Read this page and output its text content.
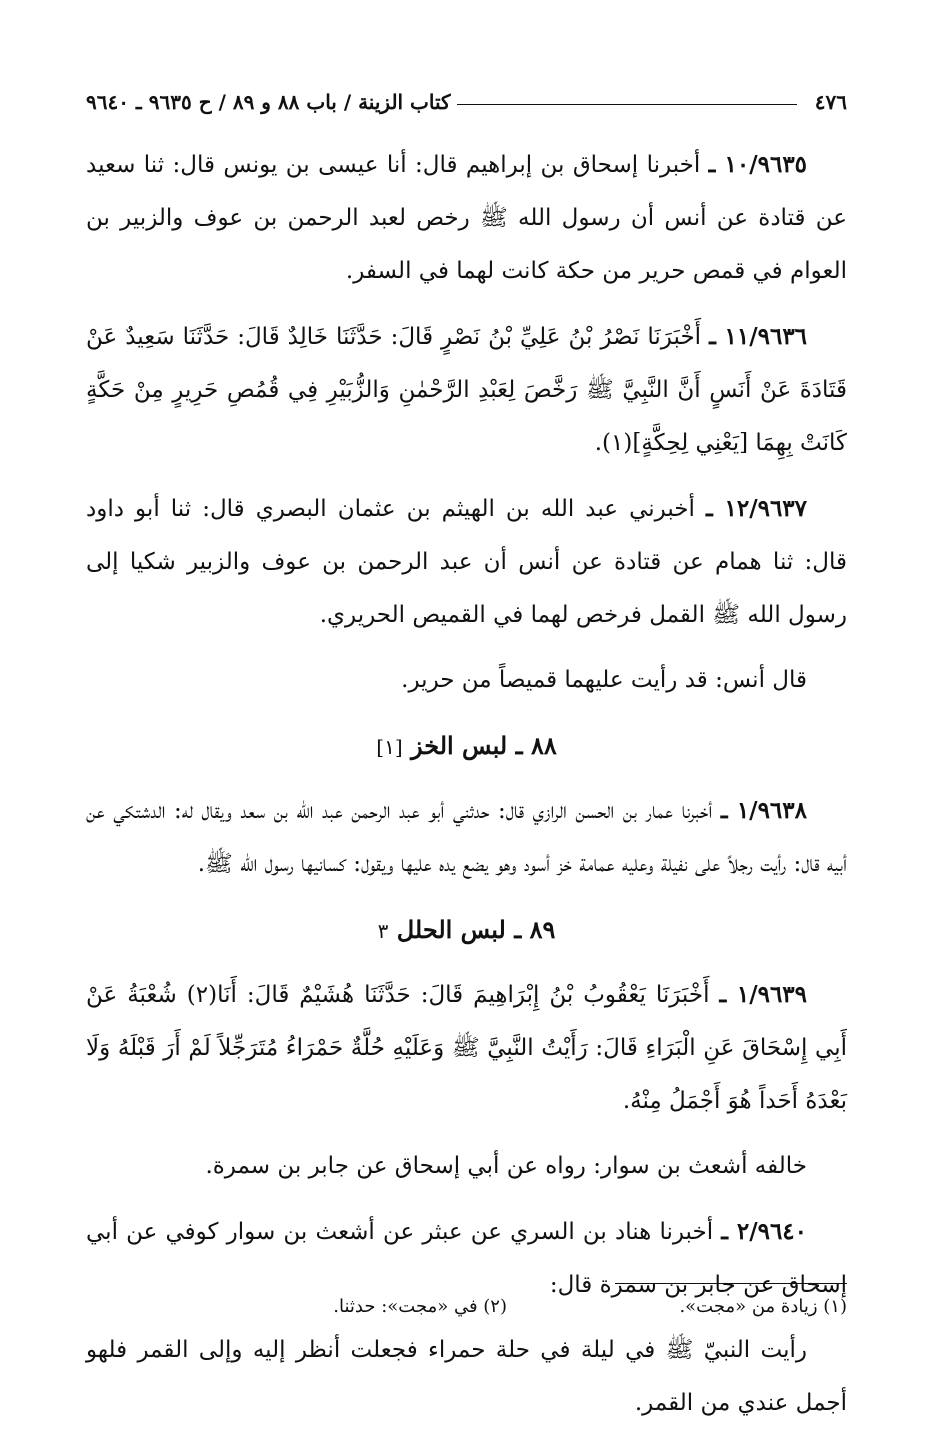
٤٧٦
كتاب الزينة / باب ٨٨ و ٨٩ / ح ٩٦٣٥ ـ ٩٦٤٠

١٠/٩٦٣٥ ـ أخبرنا إسحاق بن إبراهيم قال: أنا عيسى بن يونس قال: ثنا سعيد عن قتادة عن أنس أن رسول الله ﷺ رخص لعبد الرحمن بن عوف والزبير بن العوام في قمص حرير من حكة كانت لهما في السفر.

١١/٩٦٣٦ ـ أَخْبَرَنَا نَصْرُ بْنُ عَلِيِّ بْنُ نَصْرٍ قَالَ: حَدَّثَنَا خَالِدٌ قَالَ: حَدَّثَنَا سَعِيدٌ عَنْ قَتَادَةَ عَنْ أَنَسٍ أَنَّ النَّبِيَّ ﷺ رَخَّصَ لِعَبْدِ الرَّحْمٰنِ وَالزُّبَيْرِ فِي قُمُصِ حَرِيرٍ مِنْ حَكَّةٍ كَانَتْ بِهِمَا [يَعْنِي لِحِكَّةٍ](١).

١٢/٩٦٣٧ ـ أخبرني عبد الله بن الهيثم بن عثمان البصري قال: ثنا أبو داود قال: ثنا همام عن قتادة عن أنس أن عبد الرحمن بن عوف والزبير شكيا إلى رسول الله ﷺ القمل فرخص لهما في القميص الحريري.

قال أنس: قد رأيت عليهما قميصاً من حرير.

٨٨ ـ لبس الخز [١]

١/٩٦٣٨ ـ أخبرنا عمار بن الحسن الرازي قال: حدثني أبو عبد الرحمن عبد الله بن سعد ويقال له: الدشتكي عن أبيه قال: رأيت رجلاً على نفيلة وعليه عمامة خز أسود وهو يضع يده عليها ويقول: كسانيها رسول الله ﷺ.

٨٩ ـ لبس الحلل ٣

١/٩٦٣٩ ـ أَخْبَرَنَا يَعْقُوبُ بْنُ إِبْرَاهِيمَ قَالَ: حَدَّثَنَا هُشَيْمٌ قَالَ: أَنَا(٢) شُعْبَةُ عَنْ أَبِي إِسْحَاقَ عَنِ الْبَرَاءِ قَالَ: رَأَيْتُ النَّبِيَّ ﷺ وَعَلَيْهِ حُلَّةٌ حَمْرَاءُ مُتَرَجِّلاً لَمْ أَرَ قَبْلَهُ وَلَا بَعْدَهُ أَحَداً هُوَ أَجْمَلُ مِنْهُ.

خالفه أشعث بن سوار: رواه عن أبي إسحاق عن جابر بن سمرة.

٢/٩٦٤٠ ـ أخبرنا هناد بن السري عن عبثر عن أشعث بن سوار كوفي عن أبي إسحاق عن جابر بن سمرة قال:

رأيت النبيّ ﷺ في ليلة في حلة حمراء فجعلت أنظر إليه وإلى القمر فلهو أجمل عندي من القمر.

(١) زيادة من «مجت».
(٢) في «مجت»: حدثنا.
